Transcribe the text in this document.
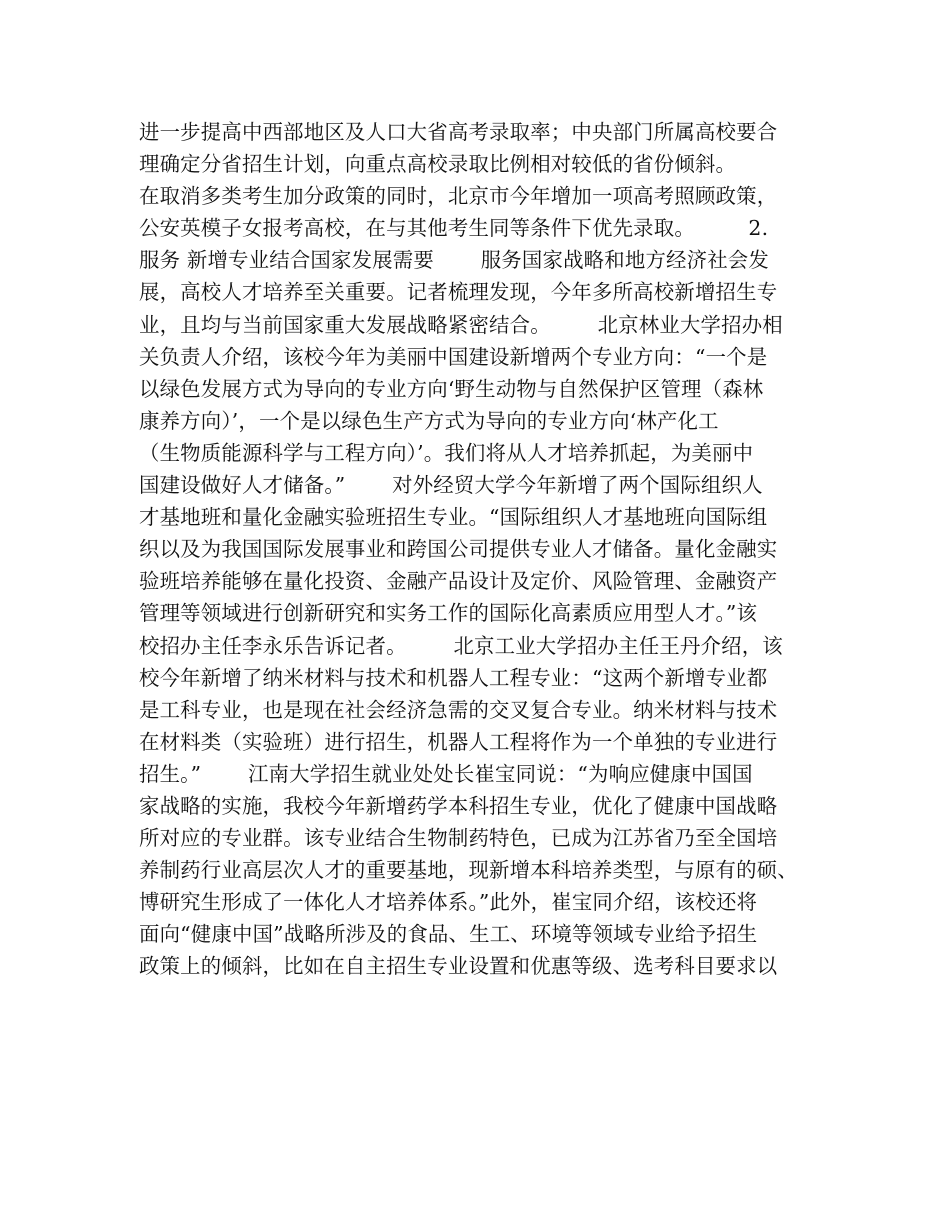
进一步提高中西部地区及人口大省高考录取率；中央部门所属高校要合
理确定分省招生计划，向重点高校录取比例相对较低的省份倾斜。
在取消多类考生加分政策的同时，北京市今年增加一项高考照顾政策，
公安英模子女报考高校，在与其他考生同等条件下优先录取。        2.
服务 新增专业结合国家发展需要       服务国家战略和地方经济社会发
展，高校人才培养至关重要。记者梳理发现，今年多所高校新增招生专
业，且均与当前国家重大发展战略紧密结合。       北京林业大学招办相
关负责人介绍，该校今年为美丽中国建设新增两个专业方向：“一个是
以绿色发展方式为导向的专业方向‘野生动物与自然保护区管理（森林
康养方向）’，一个是以绿色生产方式为导向的专业方向‘林产化工
（生物质能源科学与工程方向）’。我们将从人才培养抓起，为美丽中
国建设做好人才储备。”       对外经贸大学今年新增了两个国际组织人
才基地班和量化金融实验班招生专业。“国际组织人才基地班向国际组
织以及为我国国际发展事业和跨国公司提供专业人才储备。量化金融实
验班培养能够在量化投资、金融产品设计及定价、风险管理、金融资产
管理等领域进行创新研究和实务工作的国际化高素质应用型人才。”该
校招办主任李永乐告诉记者。       北京工业大学招办主任王丹介绍，该
校今年新增了纳米材料与技术和机器人工程专业：“这两个新增专业都
是工科专业，也是现在社会经济急需的交叉复合专业。纳米材料与技术
在材料类（实验班）进行招生，机器人工程将作为一个单独的专业进行
招生。”       江南大学招生就业处处长崔宝同说：“为响应健康中国国
家战略的实施，我校今年新增药学本科招生专业，优化了健康中国战略
所对应的专业群。该专业结合生物制药特色，已成为江苏省乃至全国培
养制药行业高层次人才的重要基地，现新增本科培养类型，与原有的硕、
博研究生形成了一体化人才培养体系。”此外，崔宝同介绍，该校还将
面向“健康中国”战略所涉及的食品、生工、环境等领域专业给予招生
政策上的倾斜，比如在自主招生专业设置和优惠等级、选考科目要求以
